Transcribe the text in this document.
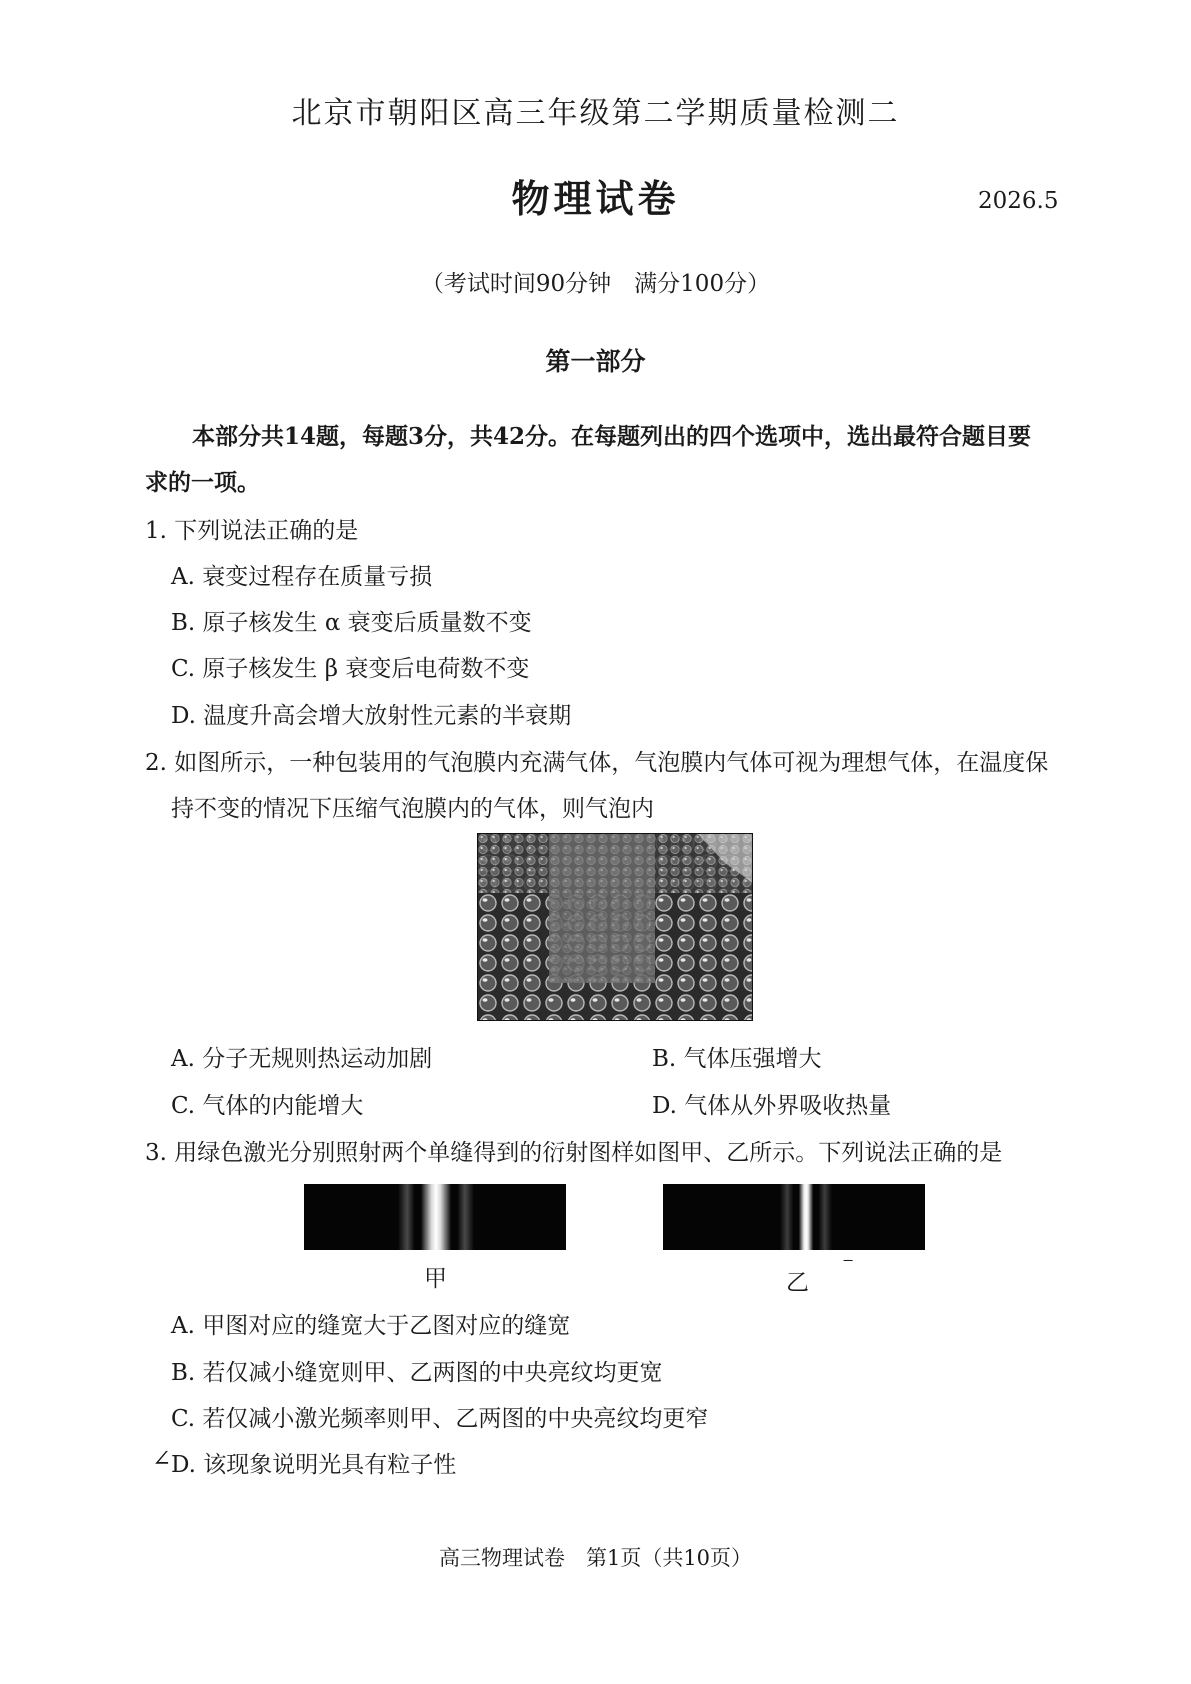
北京市朝阳区高三年级第二学期质量检测二
物理试卷	2026.5
（考试时间90分钟　满分100分）
第一部分
本部分共14题，每题3分，共42分。在每题列出的四个选项中，选出最符合题目要
求的一项。
1. 下列说法正确的是
A. 衰变过程存在质量亏损
B. 原子核发生 α 衰变后质量数不变
C. 原子核发生 β 衰变后电荷数不变
D. 温度升高会增大放射性元素的半衰期
2. 如图所示，一种包装用的气泡膜内充满气体，气泡膜内气体可视为理想气体，在温度保
持不变的情况下压缩气泡膜内的气体，则气泡内
A. 分子无规则热运动加剧	B. 气体压强增大
C. 气体的内能增大	D. 气体从外界吸收热量
3. 用绿色激光分别照射两个单缝得到的衍射图样如图甲、乙所示。下列说法正确的是
甲	乙
⁻
A. 甲图对应的缝宽大于乙图对应的缝宽
B. 若仅减小缝宽则甲、乙两图的中央亮纹均更宽
C. 若仅减小激光频率则甲、乙两图的中央亮纹均更窄
∠ D. 该现象说明光具有粒子性
高三物理试卷　第1页（共10页）
